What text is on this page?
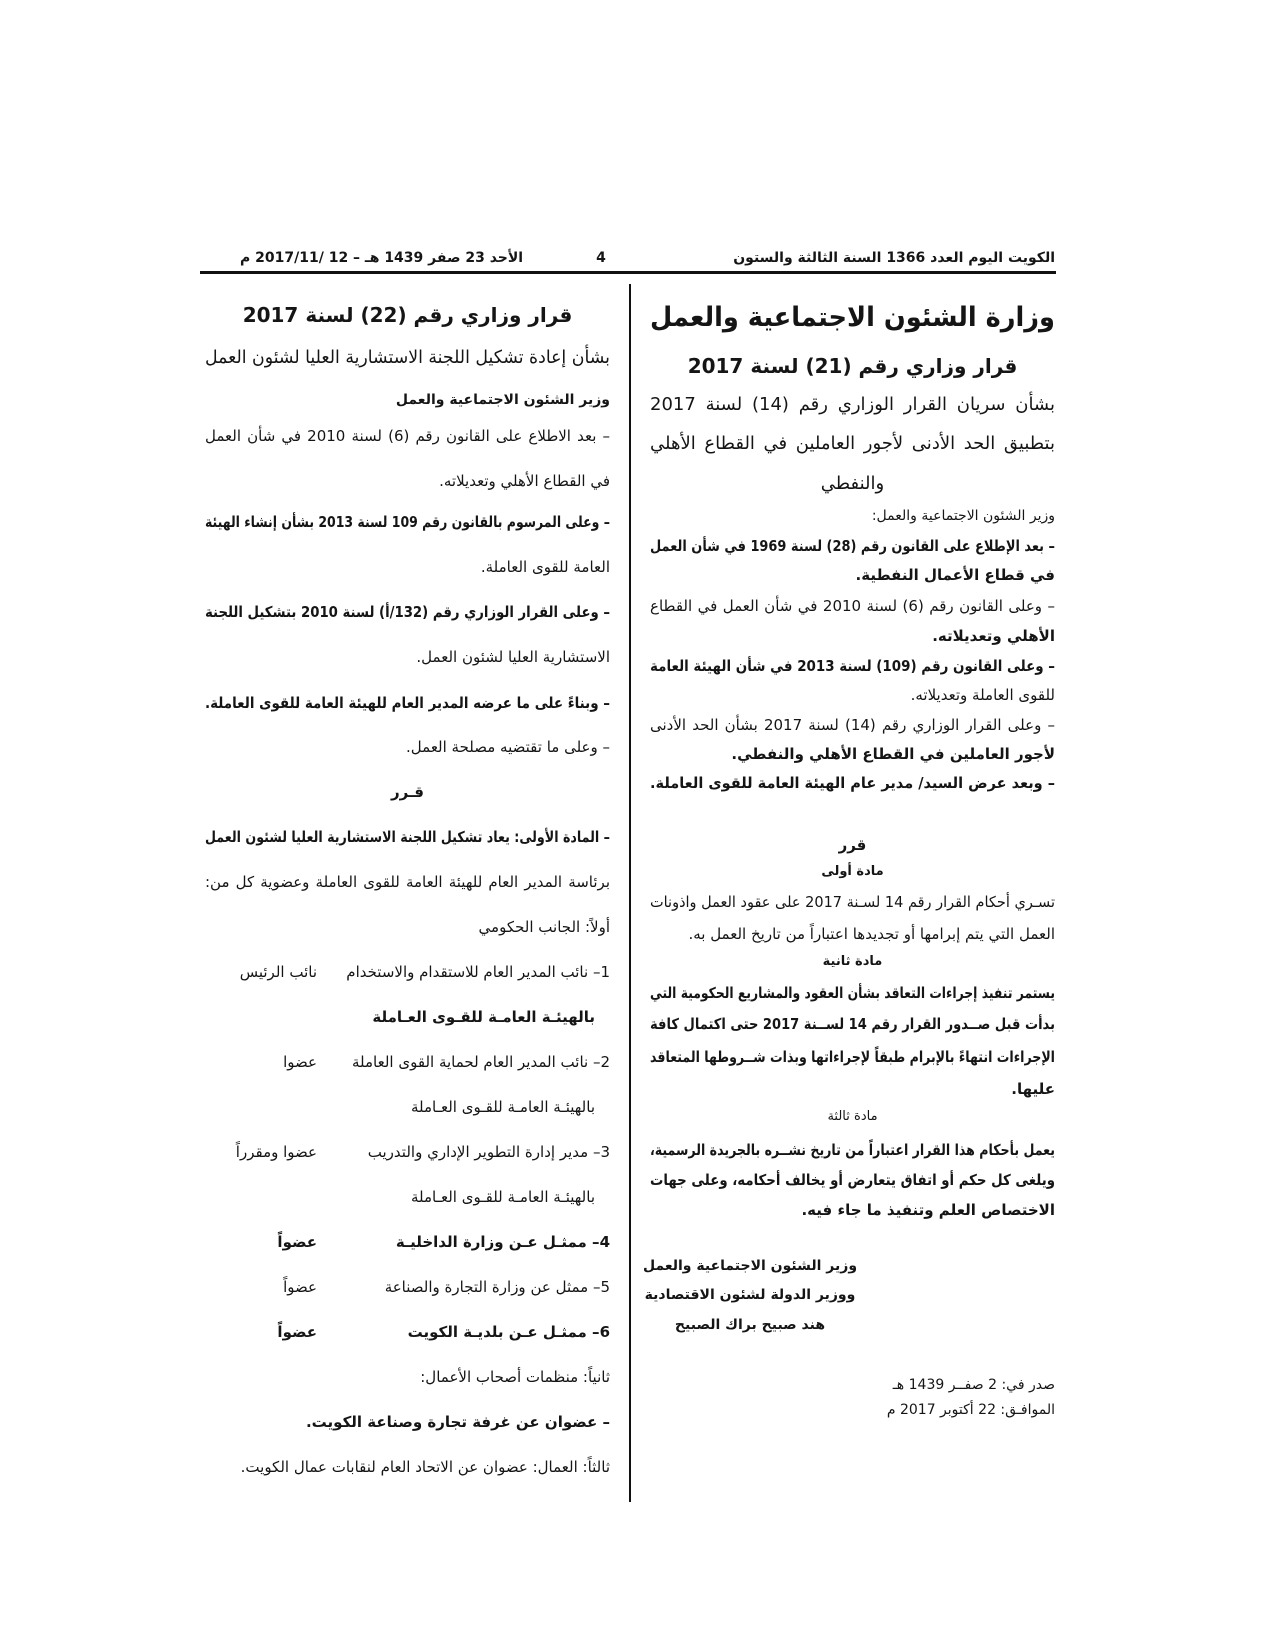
الكويت اليوم العدد 1366 السنة الثالثة والستون
4
الأحد 23 صفر 1439 هـ – 12 /2017/11 م
وزارة الشئون الاجتماعية والعمل
قرار وزاري رقم (21) لسنة 2017
بشأن سريان القرار الوزاري رقم (14) لسنة 2017
بتطبيق الحد الأدنى لأجور العاملين في القطاع الأهلي
والنفطي
وزير الشئون الاجتماعية والعمل:
– بعد الإطلاع على القانون رقم (28) لسنة 1969 في شأن العمل
في قطاع الأعمال النفطية.
– وعلى القانون رقم (6) لسنة 2010 في شأن العمل في القطاع
الأهلي وتعديلاته.
– وعلى القانون رقم (109) لسنة 2013 في شأن الهيئة العامة
للقوى العاملة وتعديلاته.
– وعلى القرار الوزاري رقم (14) لسنة 2017 بشأن الحد الأدنى
لأجور العاملين في القطاع الأهلي والنفطي.
– وبعد عرض السيد/ مدير عام الهيئة العامة للقوى العاملة.
قرر
مادة أولى
تسـري أحكام القرار رقم 14 لسـنة 2017 على عقود العمل واذونات
العمل التي يتم إبرامها أو تجديدها اعتباراً من تاريخ العمل به.
مادة ثانية
يستمر تنفيذ إجراءات التعاقد بشأن العقود والمشاريع الحكومية التي
بدأت قبل صــدور القرار رقم 14 لســنة 2017 حتى اكتمال كافة
الإجراءات انتهاءً بالإبرام طبقاً لإجراءاتها وبذات شــروطها المتعاقد
عليها.
مادة ثالثة
يعمل بأحكام هذا القرار اعتباراً من تاريخ نشــره بالجريدة الرسمية،
ويلغى كل حكم أو اتفاق يتعارض أو يخالف أحكامه، وعلى جهات
الاختصاص العلم وتنفيذ ما جاء فيه.
وزير الشئون الاجتماعية والعمل
ووزير الدولة لشئون الاقتصادية
هند صبيح براك الصبيح
صدر في: 2 صفــر 1439 هـ
الموافـق: 22 أكتوبر 2017 م
قرار وزاري رقم (22) لسنة 2017
بشأن إعادة تشكيل اللجنة الاستشارية العليا لشئون العمل
وزير الشئون الاجتماعية والعمل
– بعد الاطلاع على القانون رقم (6) لسنة 2010 في شأن العمل
في القطاع الأهلي وتعديلاته.
– وعلى المرسوم بالقانون رقم 109 لسنة 2013 بشأن إنشاء الهيئة
العامة للقوى العاملة.
– وعلى القرار الوزاري رقم (132/أ) لسنة 2010 بتشكيل اللجنة
الاستشارية العليا لشئون العمل.
– وبناءً على ما عرضه المدير العام للهيئة العامة للقوى العاملة.
– وعلى ما تقتضيه مصلحة العمل.
قـرر
– المادة الأولى: يعاد تشكيل اللجنة الاستشارية العليا لشئون العمل
برئاسة المدير العام للهيئة العامة للقوى العاملة وعضوية كل من:
أولاً: الجانب الحكومي
1– نائب المدير العام للاستقدام والاستخدام
نائب الرئيس
بالهيئـة العامـة للقـوى العـاملة
2– نائب المدير العام لحماية القوى العاملة
عضوا
بالهيئـة العامـة للقـوى العـاملة
3– مدير إدارة التطوير الإداري والتدريب
عضوا ومقرراً
بالهيئـة العامـة للقـوى العـاملة
4– ممثـل عـن وزارة الداخليـة
عضواً
5– ممثل عن وزارة التجارة والصناعة
عضواً
6– ممثـل عـن بلديـة الكويت
عضواً
ثانياً: منظمات أصحاب الأعمال:
– عضوان عن غرفة تجارة وصناعة الكويت.
ثالثاً: العمال: عضوان عن الاتحاد العام لنقابات عمال الكويت.
